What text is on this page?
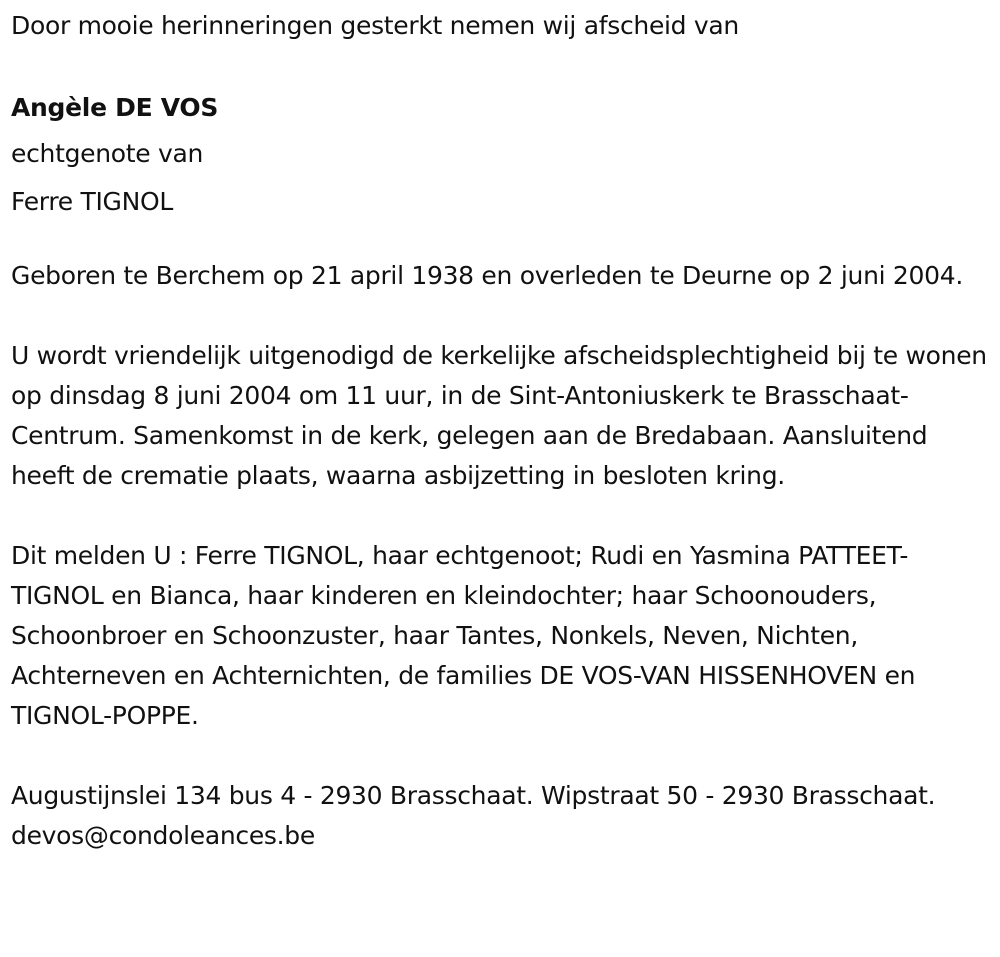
Door mooie herinneringen gesterkt nemen wij afscheid van
Angèle DE VOS
echtgenote van
Ferre TIGNOL
Geboren te Berchem op 21 april 1938 en overleden te Deurne op 2 juni 2004.
U wordt vriendelijk uitgenodigd de kerkelijke afscheidsplechtigheid bij te wonen op dinsdag 8 juni 2004 om 11 uur, in de Sint-Antoniuskerk te Brasschaat-Centrum. Samenkomst in de kerk, gelegen aan de Bredabaan. Aansluitend heeft de crematie plaats, waarna asbijzetting in besloten kring.
Dit melden U : Ferre TIGNOL, haar echtgenoot; Rudi en Yasmina PATTEET-TIGNOL en Bianca, haar kinderen en kleindochter; haar Schoonouders, Schoonbroer en Schoonzuster, haar Tantes, Nonkels, Neven, Nichten, Achterneven en Achternichten, de families DE VOS-VAN HISSENHOVEN en TIGNOL-POPPE.
Augustijnslei 134 bus 4 - 2930 Brasschaat. Wipstraat 50 - 2930 Brasschaat. devos@condoleances.be
